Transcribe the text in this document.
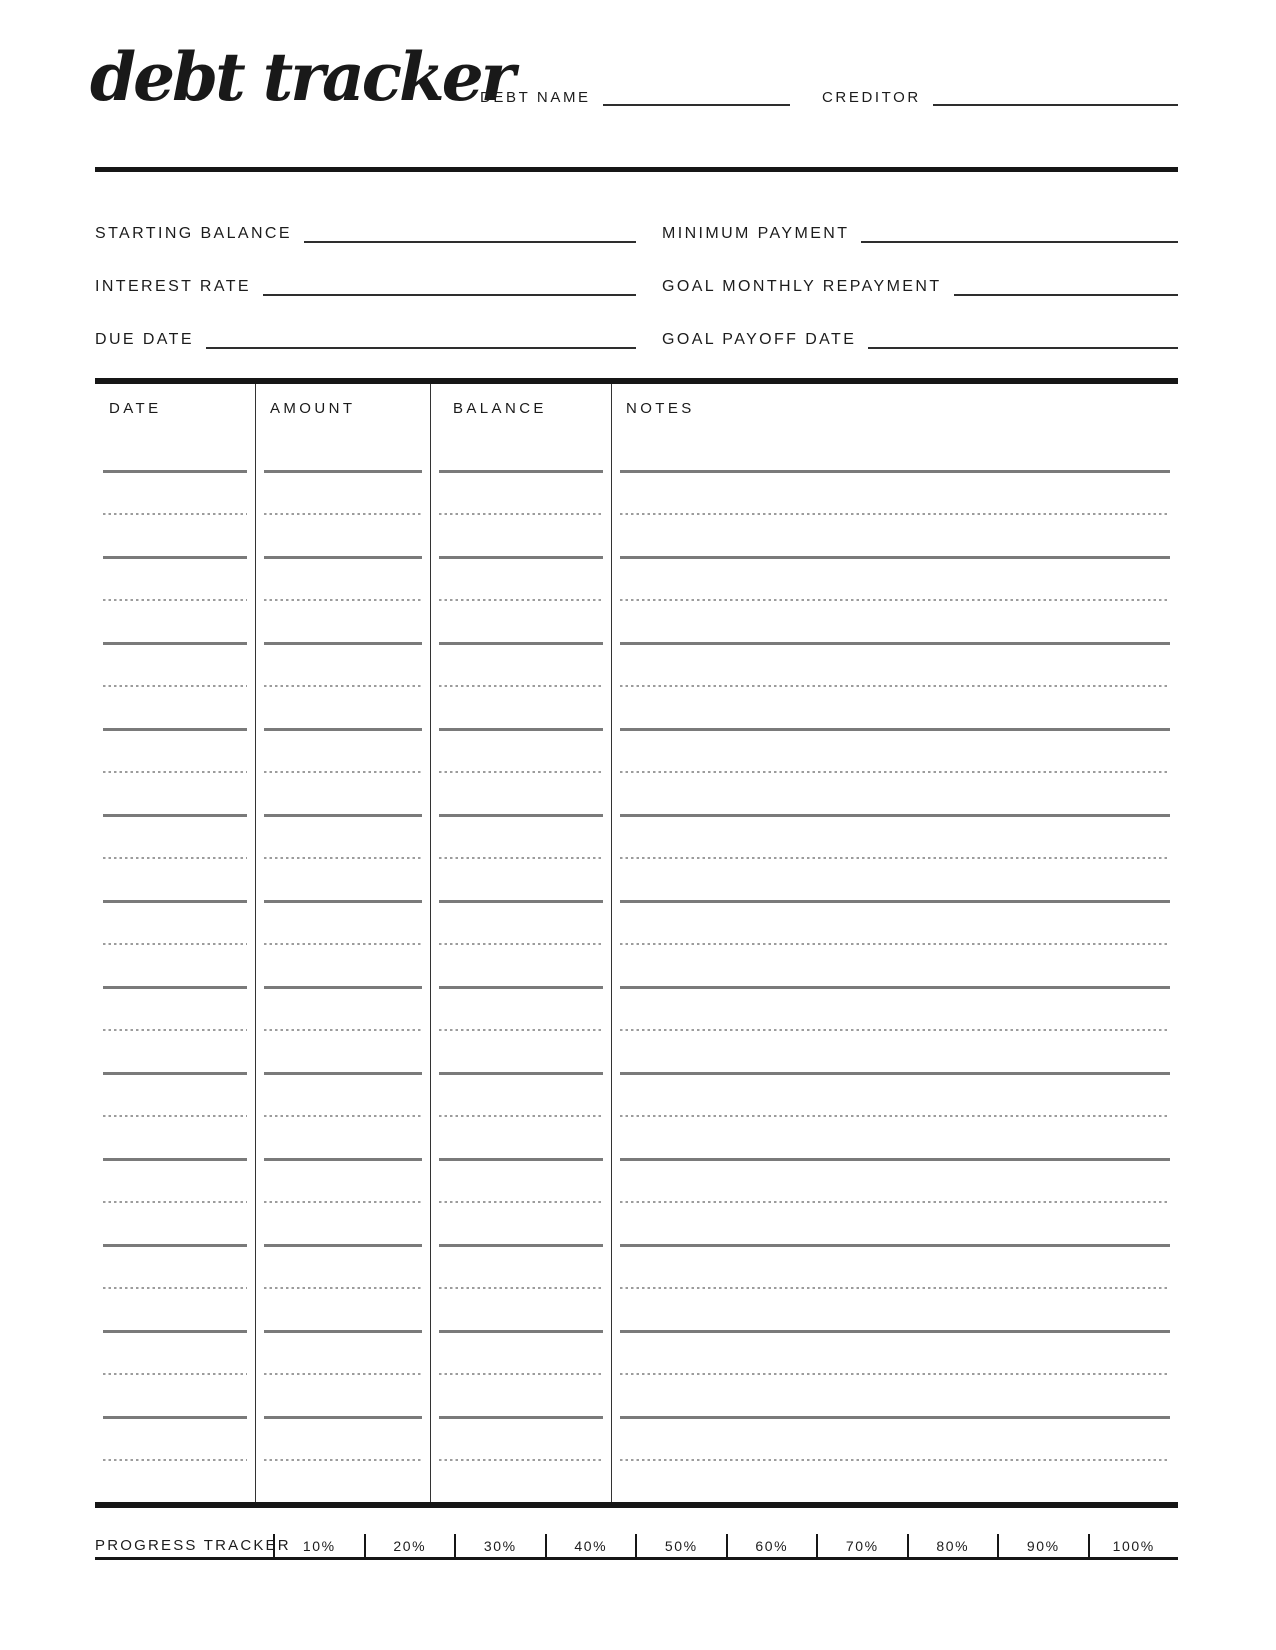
debt tracker
DEBT NAME	CREDITOR
STARTING BALANCE
INTEREST RATE
DUE DATE
MINIMUM PAYMENT
GOAL MONTHLY REPAYMENT
GOAL PAYOFF DATE
DATE	AMOUNT	BALANCE	NOTES
PROGRESS TRACKER 10%	20%	30%	40%	50%	60%	70%	80%	90%	100%
